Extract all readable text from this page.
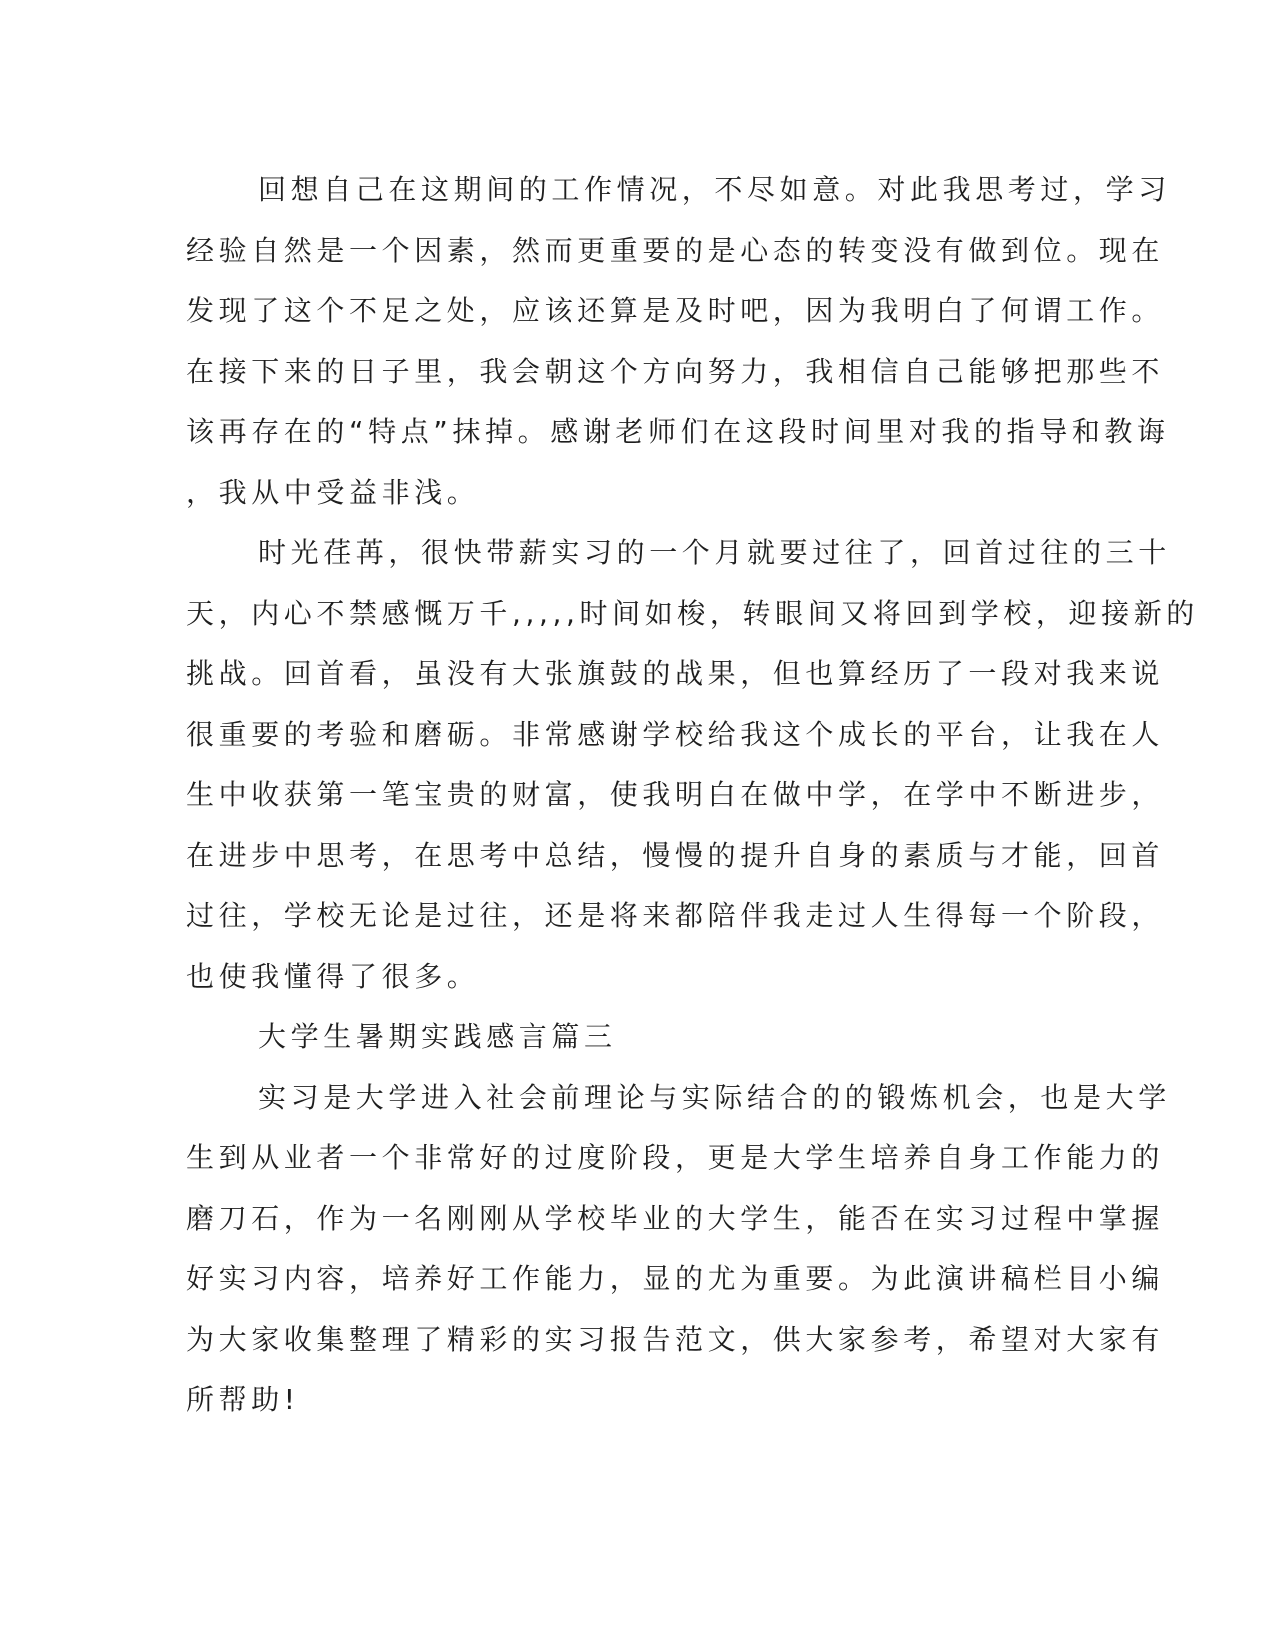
回想自己在这期间的工作情况，不尽如意。对此我思考过，学习
经验自然是一个因素，然而更重要的是心态的转变没有做到位。现在
发现了这个不足之处，应该还算是及时吧，因为我明白了何谓工作。
在接下来的日子里，我会朝这个方向努力，我相信自己能够把那些不
该再存在的“特点”抹掉。感谢老师们在这段时间里对我的指导和教诲
，我从中受益非浅。

时光荏苒，很快带薪实习的一个月就要过往了，回首过往的三十
天，内心不禁感慨万千,,,,,时间如梭，转眼间又将回到学校，迎接新的
挑战。回首看，虽没有大张旗鼓的战果，但也算经历了一段对我来说
很重要的考验和磨砺。非常感谢学校给我这个成长的平台，让我在人
生中收获第一笔宝贵的财富，使我明白在做中学，在学中不断进步，
在进步中思考，在思考中总结，慢慢的提升自身的素质与才能，回首
过往，学校无论是过往，还是将来都陪伴我走过人生得每一个阶段，
也使我懂得了很多。

大学生暑期实践感言篇三

实习是大学进入社会前理论与实际结合的的锻炼机会，也是大学
生到从业者一个非常好的过度阶段，更是大学生培养自身工作能力的
磨刀石，作为一名刚刚从学校毕业的大学生，能否在实习过程中掌握
好实习内容，培养好工作能力，显的尤为重要。为此演讲稿栏目小编
为大家收集整理了精彩的实习报告范文，供大家参考，希望对大家有
所帮助!
